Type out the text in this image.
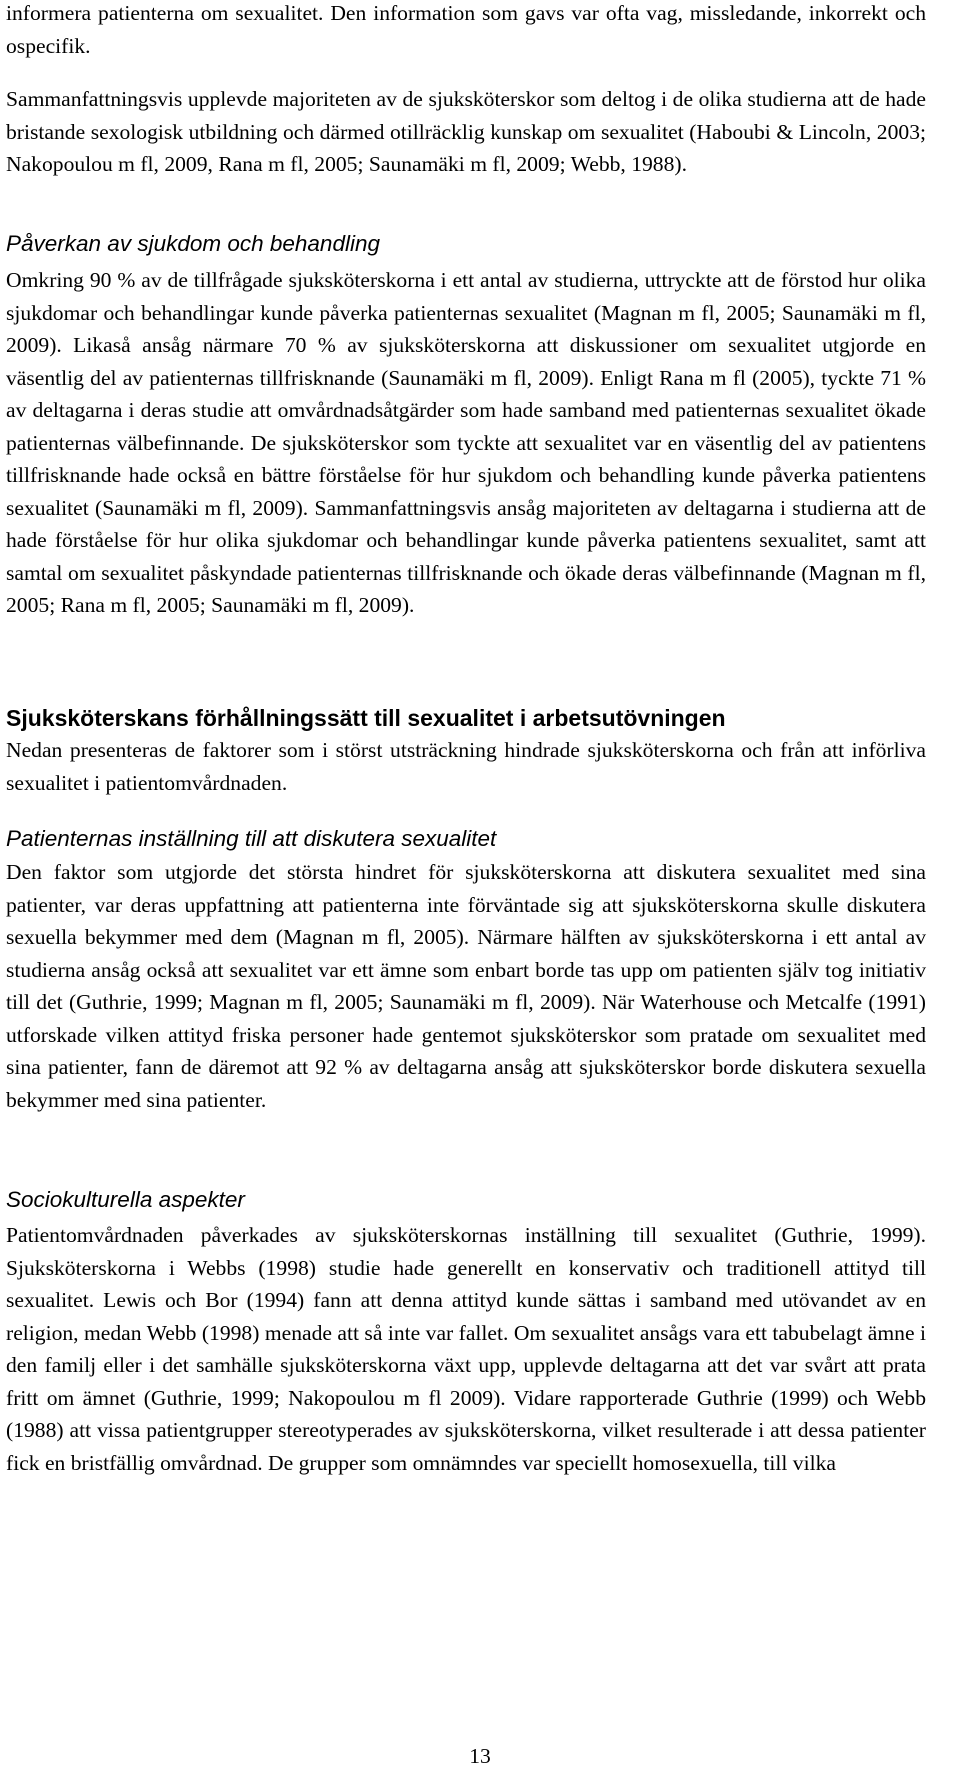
informera patienterna om sexualitet. Den information som gavs var ofta vag, missledande, inkorrekt och ospecifik.

Sammanfattningsvis upplevde majoriteten av de sjuksköterskor som deltog i de olika studierna att de hade bristande sexologisk utbildning och därmed otillräcklig kunskap om sexualitet (Haboubi & Lincoln, 2003; Nakopoulou m fl, 2009, Rana m fl, 2005; Saunamäki m fl, 2009; Webb, 1988).

Påverkan av sjukdom och behandling

Omkring 90 % av de tillfrågade sjuksköterskorna i ett antal av studierna, uttryckte att de förstod hur olika sjukdomar och behandlingar kunde påverka patienternas sexualitet (Magnan m fl, 2005; Saunamäki m fl, 2009). Likaså ansåg närmare 70 % av sjuksköterskorna att diskussioner om sexualitet utgjorde en väsentlig del av patienternas tillfrisknande (Saunamäki m fl, 2009). Enligt Rana m fl (2005), tyckte 71 % av deltagarna i deras studie att omvårdnadsåtgärder som hade samband med patienternas sexualitet ökade patienternas välbefinnande. De sjuksköterskor som tyckte att sexualitet var en väsentlig del av patientens tillfrisknande hade också en bättre förståelse för hur sjukdom och behandling kunde påverka patientens sexualitet (Saunamäki m fl, 2009). Sammanfattningsvis ansåg majoriteten av deltagarna i studierna att de hade förståelse för hur olika sjukdomar och behandlingar kunde påverka patientens sexualitet, samt att samtal om sexualitet påskyndade patienternas tillfrisknande och ökade deras välbefinnande (Magnan m fl, 2005; Rana m fl, 2005; Saunamäki m fl, 2009).

Sjuksköterskans förhållningssätt till sexualitet i arbetsutövningen

Nedan presenteras de faktorer som i störst utsträckning hindrade sjuksköterskorna och från att införliva sexualitet i patientomvårdnaden.

Patienternas inställning till att diskutera sexualitet

Den faktor som utgjorde det största hindret för sjuksköterskorna att diskutera sexualitet med sina patienter, var deras uppfattning att patienterna inte förväntade sig att sjuksköterskorna skulle diskutera sexuella bekymmer med dem (Magnan m fl, 2005). Närmare hälften av sjuksköterskorna i ett antal av studierna ansåg också att sexualitet var ett ämne som enbart borde tas upp om patienten själv tog initiativ till det (Guthrie, 1999; Magnan m fl, 2005; Saunamäki m fl, 2009). När Waterhouse och Metcalfe (1991) utforskade vilken attityd friska personer hade gentemot sjuksköterskor som pratade om sexualitet med sina patienter, fann de däremot att 92 % av deltagarna ansåg att sjuksköterskor borde diskutera sexuella bekymmer med sina patienter.

Sociokulturella aspekter

Patientomvårdnaden påverkades av sjuksköterskornas inställning till sexualitet (Guthrie, 1999). Sjuksköterskorna i Webbs (1998) studie hade generellt en konservativ och traditionell attityd till sexualitet. Lewis och Bor (1994) fann att denna attityd kunde sättas i samband med utövandet av en religion, medan Webb (1998) menade att så inte var fallet. Om sexualitet ansågs vara ett tabubelagt ämne i den familj eller i det samhälle sjuksköterskorna växt upp, upplevde deltagarna att det var svårt att prata fritt om ämnet (Guthrie, 1999; Nakopoulou m fl 2009). Vidare rapporterade Guthrie (1999) och Webb (1988) att vissa patientgrupper stereotyperades av sjuksköterskorna, vilket resulterade i att dessa patienter fick en bristfällig omvårdnad. De grupper som omnämndes var speciellt homosexuella, till vilka

13
